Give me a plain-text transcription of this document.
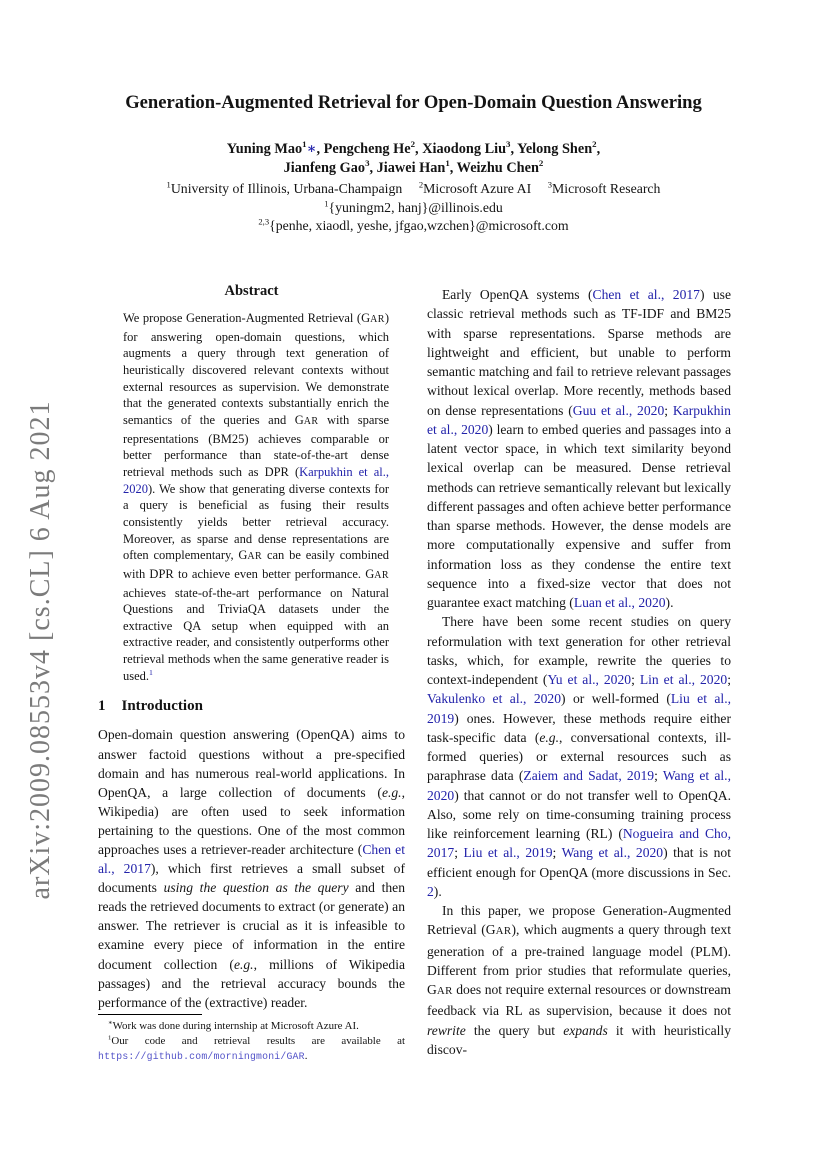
arXiv:2009.08553v4 [cs.CL] 6 Aug 2021
Generation-Augmented Retrieval for Open-Domain Question Answering
Yuning Mao$^1$∗, Pengcheng He$^2$, Xiaodong Liu$^3$, Yelong Shen$^2$,
Jianfeng Gao$^3$, Jiawei Han$^1$, Weizhu Chen$^2$
$^1$University of Illinois, Urbana-Champaign  $^2$Microsoft Azure AI  $^3$Microsoft Research
$^1${yuningm2, hanj}@illinois.edu
$^{2,3}${penhe, xiaodl, yeshe, jfgao,wzchen}@microsoft.com
Abstract

We propose Generation-Augmented Retrieval (GAR) for answering open-domain questions, which augments a query through text generation of heuristically discovered relevant contexts without external resources as supervision. We demonstrate that the generated contexts substantially enrich the semantics of the queries and GAR with sparse representations (BM25) achieves comparable or better performance than state-of-the-art dense retrieval methods such as DPR (Karpukhin et al., 2020). We show that generating diverse contexts for a query is beneficial as fusing their results consistently yields better retrieval accuracy. Moreover, as sparse and dense representations are often complementary, GAR can be easily combined with DPR to achieve even better performance. GAR achieves state-of-the-art performance on Natural Questions and TriviaQA datasets under the extractive QA setup when equipped with an extractive reader, and consistently outperforms other retrieval methods when the same generative reader is used.$^1$

1 Introduction

Open-domain question answering (OpenQA) aims to answer factoid questions without a pre-specified domain and has numerous real-world applications. In OpenQA, a large collection of documents (e.g., Wikipedia) are often used to seek information pertaining to the questions. One of the most common approaches uses a retriever-reader architecture (Chen et al., 2017), which first retrieves a small subset of documents using the question as the query and then reads the retrieved documents to extract (or generate) an answer. The retriever is crucial as it is infeasible to examine every piece of information in the entire document collection (e.g., millions of Wikipedia passages) and the retrieval accuracy bounds the performance of the (extractive) reader.

∗Work was done during internship at Microsoft Azure AI.

$^1$Our code and retrieval results are available at https://github.com/morningmoni/GAR.

Early OpenQA systems (Chen et al., 2017) use classic retrieval methods such as TF-IDF and BM25 with sparse representations. Sparse methods are lightweight and efficient, but unable to perform semantic matching and fail to retrieve relevant passages without lexical overlap. More recently, methods based on dense representations (Guu et al., 2020; Karpukhin et al., 2020) learn to embed queries and passages into a latent vector space, in which text similarity beyond lexical overlap can be measured. Dense retrieval methods can retrieve semantically relevant but lexically different passages and often achieve better performance than sparse methods. However, the dense models are more computationally expensive and suffer from information loss as they condense the entire text sequence into a fixed-size vector that does not guarantee exact matching (Luan et al., 2020).

There have been some recent studies on query reformulation with text generation for other retrieval tasks, which, for example, rewrite the queries to context-independent (Yu et al., 2020; Lin et al., 2020; Vakulenko et al., 2020) or well-formed (Liu et al., 2019) ones. However, these methods require either task-specific data (e.g., conversational contexts, ill-formed queries) or external resources such as paraphrase data (Zaiem and Sadat, 2019; Wang et al., 2020) that cannot or do not transfer well to OpenQA. Also, some rely on time-consuming training process like reinforcement learning (RL) (Nogueira and Cho, 2017; Liu et al., 2019; Wang et al., 2020) that is not efficient enough for OpenQA (more discussions in Sec. 2).

In this paper, we propose Generation-Augmented Retrieval (GAR), which augments a query through text generation of a pre-trained language model (PLM). Different from prior studies that reformulate queries, GAR does not require external resources or downstream feedback via RL as supervision, because it does not rewrite the query but expands it with heuristically discov-
